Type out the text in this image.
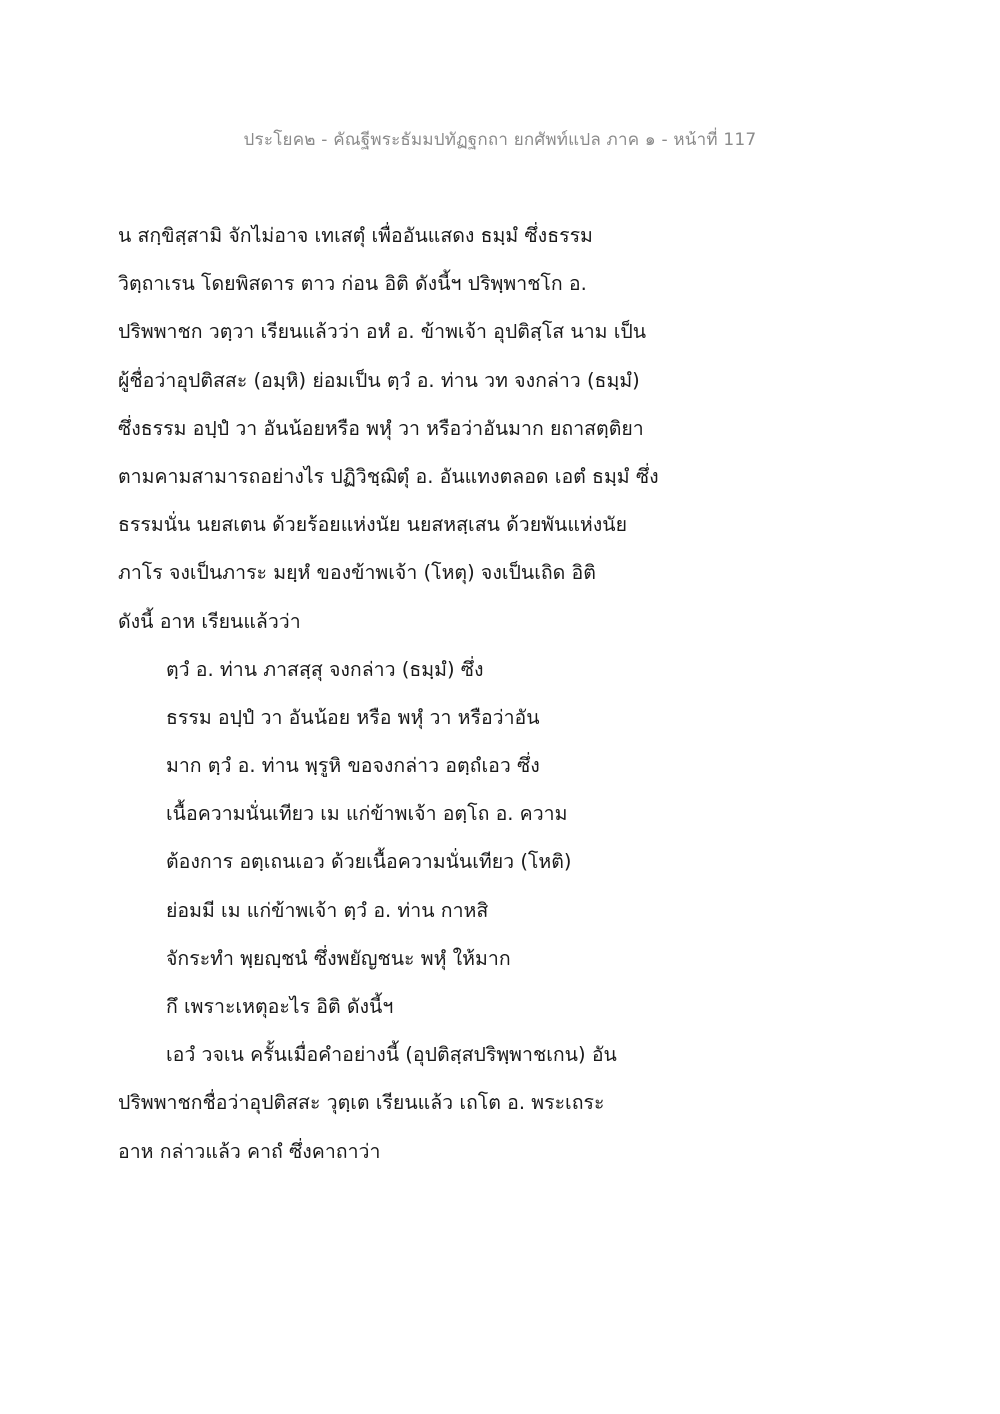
ประโยค๒ - คัณฐีพระธัมมปทัฏฐกถา ยกศัพท์แปล ภาค ๑ - หน้าที่ 117
น สกฺขิสฺสามิ จักไม่อาจ เทเสตุํ เพื่ออันแสดง ธมฺมํ ซึ่งธรรม
วิตฺถาเรน โดยพิสดาร ตาว ก่อน อิติ ดังนี้ฯ ปริพฺพาชโก อ.
ปริพพาชก วตฺวา เรียนแล้วว่า อหํ อ. ข้าพเจ้า อุปติสฺโส นาม เป็น
ผู้ชื่อว่าอุปติสสะ (อมฺหิ) ย่อมเป็น ตฺวํ อ. ท่าน วท จงกล่าว (ธมฺมํ)
ซึ่งธรรม อปฺปํ วา อันน้อยหรือ พหุํ วา หรือว่าอันมาก ยถาสตฺติยา
ตามคามสามารถอย่างไร ปฏิวิชฺฌิตุํ อ. อันแทงตลอด เอตํ ธมฺมํ ซึ่ง
ธรรมนั่น นยสเตน ด้วยร้อยแห่งนัย นยสหสฺเสน ด้วยพันแห่งนัย
ภาโร จงเป็นภาระ มยฺหํ ของข้าพเจ้า (โหตุ) จงเป็นเถิด อิติ
ดังนี้ อาห เรียนแล้วว่า
ตฺวํ อ. ท่าน ภาสสฺสุ จงกล่าว (ธมฺมํ) ซึ่ง
ธรรม อปฺปํ วา อันน้อย หรือ พหุํ วา หรือว่าอัน
มาก ตฺวํ อ. ท่าน พฺรูหิ ขอจงกล่าว อตฺถํเอว ซึ่ง
เนื้อความนั่นเทียว เม แก่ข้าพเจ้า อตฺโถ อ. ความ
ต้องการ อตฺเถนเอว ด้วยเนื้อความนั่นเทียว (โหติ)
ย่อมมี เม แก่ข้าพเจ้า ตฺวํ อ. ท่าน กาหสิ
จักระทำ พฺยญฺชนํ ซึ่งพยัญชนะ พหุํ ให้มาก
กึ เพราะเหตุอะไร อิติ ดังนี้ฯ
เอวํ วจเน ครั้นเมื่อคำอย่างนี้ (อุปติสฺสปริพฺพาชเกน) อัน
ปริพพาชกชื่อว่าอุปติสสะ วุตฺเต เรียนแล้ว เถโต อ. พระเถระ
อาห กล่าวแล้ว คาถํ ซึ่งคาถาว่า
